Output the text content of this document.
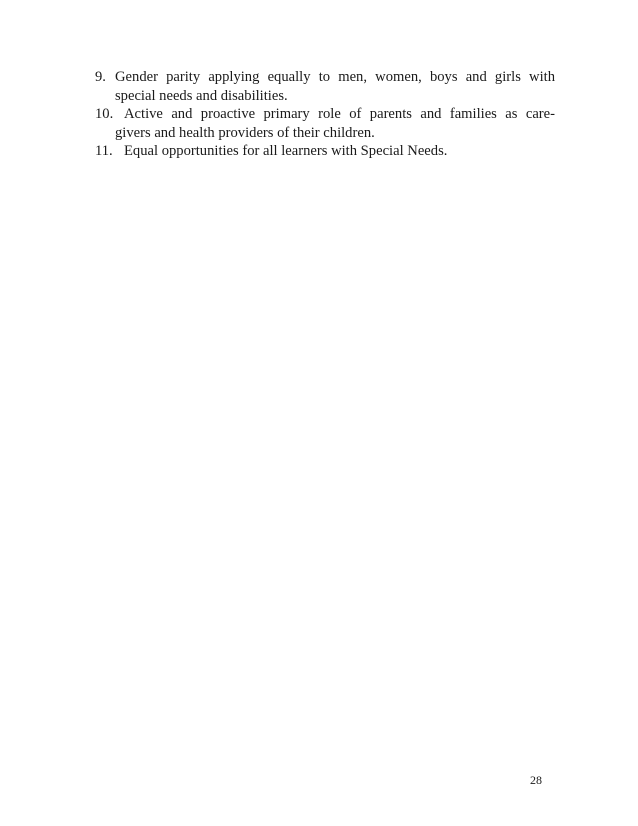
9. Gender parity applying equally to men, women, boys and girls with
special needs and disabilities.
10. Active and proactive primary role of parents and families as care-
givers and health providers of their children.
11. Equal opportunities for all learners with Special Needs.
28
